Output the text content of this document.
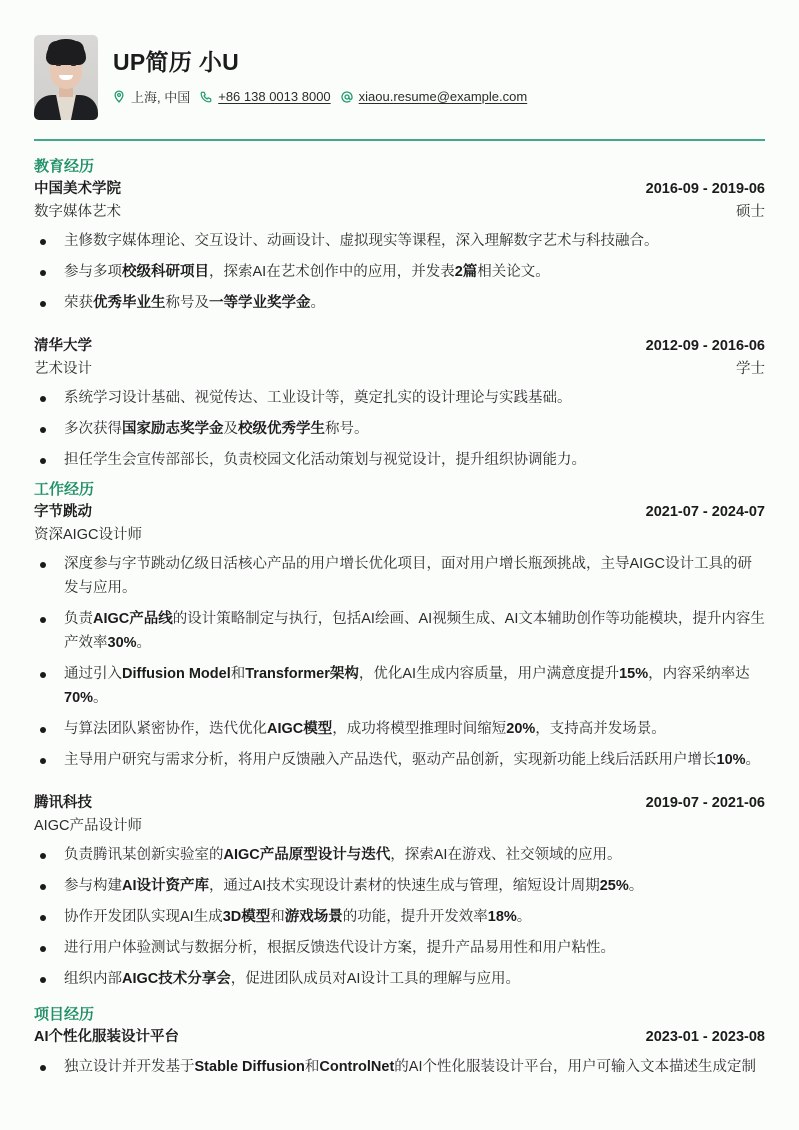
UP简历 小U
上海, 中国 +86 138 0013 8000 xiaou.resume@example.com
教育经历
中国美术学院	2016-09 - 2019-06
数字媒体艺术	硕士
主修数字媒体理论、交互设计、动画设计、虚拟现实等课程，深入理解数字艺术与科技融合。
参与多项校级科研项目，探索AI在艺术创作中的应用，并发表2篇相关论文。
荣获优秀毕业生称号及一等学业奖学金。
清华大学	2012-09 - 2016-06
艺术设计	学士
系统学习设计基础、视觉传达、工业设计等，奠定扎实的设计理论与实践基础。
多次获得国家励志奖学金及校级优秀学生称号。
担任学生会宣传部部长，负责校园文化活动策划与视觉设计，提升组织协调能力。
工作经历
字节跳动	2021-07 - 2024-07
资深AIGC设计师
深度参与字节跳动亿级日活核心产品的用户增长优化项目，面对用户增长瓶颈挑战，主导AIGC设计工具的研发与应用。
负责AIGC产品线的设计策略制定与执行，包括AI绘画、AI视频生成、AI文本辅助创作等功能模块，提升内容生产效率30%。
通过引入Diffusion Model和Transformer架构，优化AI生成内容质量，用户满意度提升15%，内容采纳率达70%。
与算法团队紧密协作，迭代优化AIGC模型，成功将模型推理时间缩短20%，支持高并发场景。
主导用户研究与需求分析，将用户反馈融入产品迭代，驱动产品创新，实现新功能上线后活跃用户增长10%。
腾讯科技	2019-07 - 2021-06
AIGC产品设计师
负责腾讯某创新实验室的AIGC产品原型设计与迭代，探索AI在游戏、社交领域的应用。
参与构建AI设计资产库，通过AI技术实现设计素材的快速生成与管理，缩短设计周期25%。
协作开发团队实现AI生成3D模型和游戏场景的功能，提升开发效率18%。
进行用户体验测试与数据分析，根据反馈迭代设计方案，提升产品易用性和用户粘性。
组织内部AIGC技术分享会，促进团队成员对AI设计工具的理解与应用。
项目经历
AI个性化服装设计平台	2023-01 - 2023-08
独立设计并开发基于Stable Diffusion和ControlNet的AI个性化服装设计平台，用户可输入文本描述生成定制
